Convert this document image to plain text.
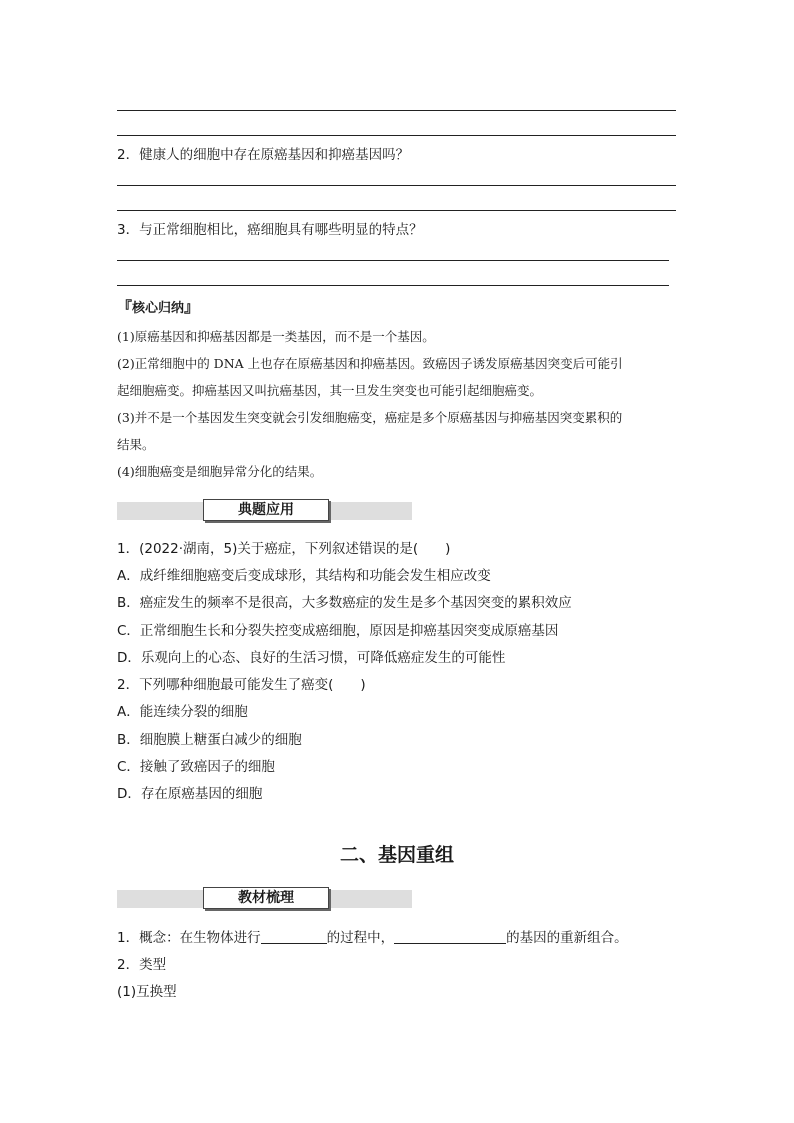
2．健康人的细胞中存在原癌基因和抑癌基因吗？
3．与正常细胞相比，癌细胞具有哪些明显的特点？
『核心归纳』
(1)原癌基因和抑癌基因都是一类基因，而不是一个基因。
(2)正常细胞中的 DNA 上也存在原癌基因和抑癌基因。致癌因子诱发原癌基因突变后可能引
起细胞癌变。抑癌基因又叫抗癌基因，其一旦发生突变也可能引起细胞癌变。
(3)并不是一个基因发生突变就会引发细胞癌变，癌症是多个原癌基因与抑癌基因突变累积的
结果。
(4)细胞癌变是细胞异常分化的结果。
典题应用
1．(2022·湖南，5)关于癌症，下列叙述错误的是(　　)
A．成纤维细胞癌变后变成球形，其结构和功能会发生相应改变
B．癌症发生的频率不是很高，大多数癌症的发生是多个基因突变的累积效应
C．正常细胞生长和分裂失控变成癌细胞，原因是抑癌基因突变成原癌基因
D．乐观向上的心态、良好的生活习惯，可降低癌症发生的可能性
2．下列哪种细胞最可能发生了癌变(　　)
A．能连续分裂的细胞
B．细胞膜上糖蛋白减少的细胞
C．接触了致癌因子的细胞
D．存在原癌基因的细胞
二、基因重组
教材梳理
1．概念：在生物体进行	的过程中，	的基因的重新组合。
2．类型
(1)互换型
